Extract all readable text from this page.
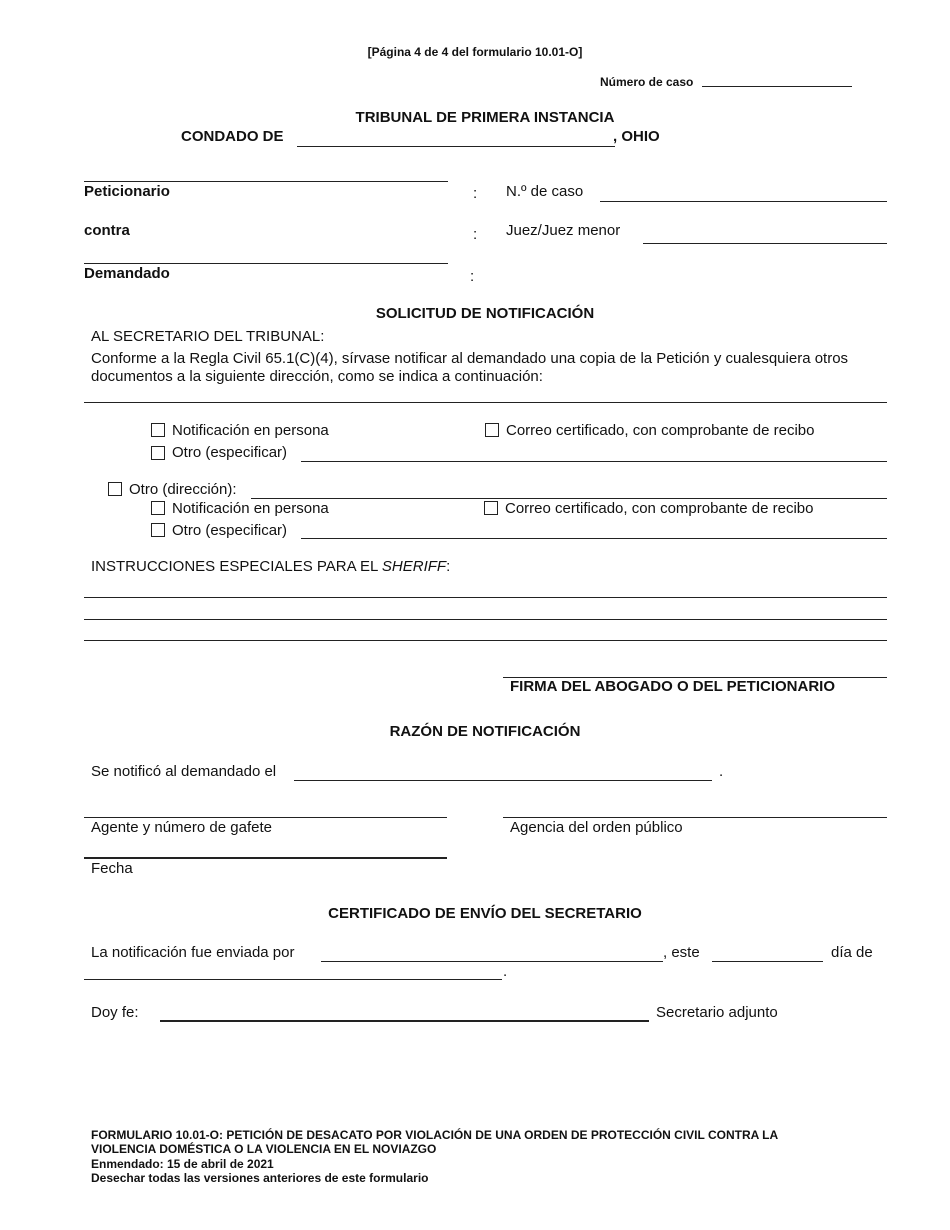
[Página 4 de 4 del formulario 10.01-O]
Número de caso
TRIBUNAL DE PRIMERA INSTANCIA
CONDADO DE	, OHIO
Peticionario	: N.º de caso
contra	: Juez/Juez menor
Demandado	:
SOLICITUD DE NOTIFICACIÓN
AL SECRETARIO DEL TRIBUNAL:
Conforme a la Regla Civil 65.1(C)(4), sírvase notificar al demandado una copia de la Petición y cualesquiera otros documentos a la siguiente dirección, como se indica a continuación:
Notificación en persona	Correo certificado, con comprobante de recibo
Otro (especificar)
Otro (dirección):
Notificación en persona	Correo certificado, con comprobante de recibo
Otro (especificar)
INSTRUCCIONES ESPECIALES PARA EL SHERIFF:
FIRMA DEL ABOGADO O DEL PETICIONARIO
RAZÓN DE NOTIFICACIÓN
Se notificó al demandado el	.
Agente y número de gafete	Agencia del orden público
Fecha
CERTIFICADO DE ENVÍO DEL SECRETARIO
La notificación fue enviada por	, este	día de
.
Doy fe:	Secretario adjunto
FORMULARIO 10.01-O: PETICIÓN DE DESACATO POR VIOLACIÓN DE UNA ORDEN DE PROTECCIÓN CIVIL CONTRA LA
VIOLENCIA DOMÉSTICA O LA VIOLENCIA EN EL NOVIAZGO
Enmendado: 15 de abril de 2021
Desechar todas las versiones anteriores de este formulario
